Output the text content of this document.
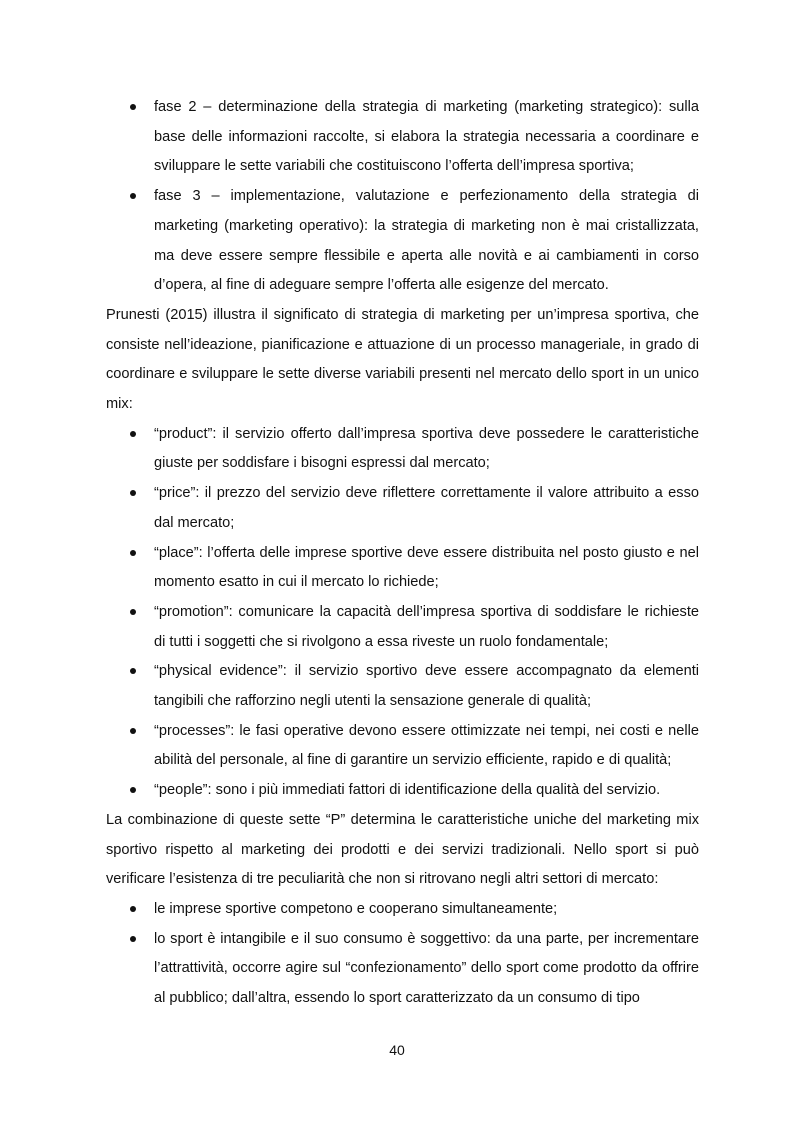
fase 2 – determinazione della strategia di marketing (marketing strategico): sulla base delle informazioni raccolte, si elabora la strategia necessaria a coordinare e sviluppare le sette variabili che costituiscono l’offerta dell’impresa sportiva;
fase 3 – implementazione, valutazione e perfezionamento della strategia di marketing (marketing operativo): la strategia di marketing non è mai cristallizzata, ma deve essere sempre flessibile e aperta alle novità e ai cambiamenti in corso d’opera, al fine di adeguare sempre l’offerta alle esigenze del mercato.

Prunesti (2015) illustra il significato di strategia di marketing per un’impresa sportiva, che consiste nell’ideazione, pianificazione e attuazione di un processo manageriale, in grado di coordinare e sviluppare le sette diverse variabili presenti nel mercato dello sport in un unico mix:

“product”: il servizio offerto dall’impresa sportiva deve possedere le caratteristiche giuste per soddisfare i bisogni espressi dal mercato;
“price”: il prezzo del servizio deve riflettere correttamente il valore attribuito a esso dal mercato;
“place”: l’offerta delle imprese sportive deve essere distribuita nel posto giusto e nel momento esatto in cui il mercato lo richiede;
“promotion”: comunicare la capacità dell’impresa sportiva di soddisfare le richieste di tutti i soggetti che si rivolgono a essa riveste un ruolo fondamentale;
“physical evidence”: il servizio sportivo deve essere accompagnato da elementi tangibili che rafforzino negli utenti la sensazione generale di qualità;
“processes”: le fasi operative devono essere ottimizzate nei tempi, nei costi e nelle abilità del personale, al fine di garantire un servizio efficiente, rapido e di qualità;
“people”: sono i più immediati fattori di identificazione della qualità del servizio.

La combinazione di queste sette “P” determina le caratteristiche uniche del marketing mix sportivo rispetto al marketing dei prodotti e dei servizi tradizionali. Nello sport si può verificare l’esistenza di tre peculiarità che non si ritrovano negli altri settori di mercato:

le imprese sportive competono e cooperano simultaneamente;
lo sport è intangibile e il suo consumo è soggettivo: da una parte, per incrementare l’attrattività, occorre agire sul “confezionamento” dello sport come prodotto da offrire al pubblico; dall’altra, essendo lo sport caratterizzato da un consumo di tipo
40
